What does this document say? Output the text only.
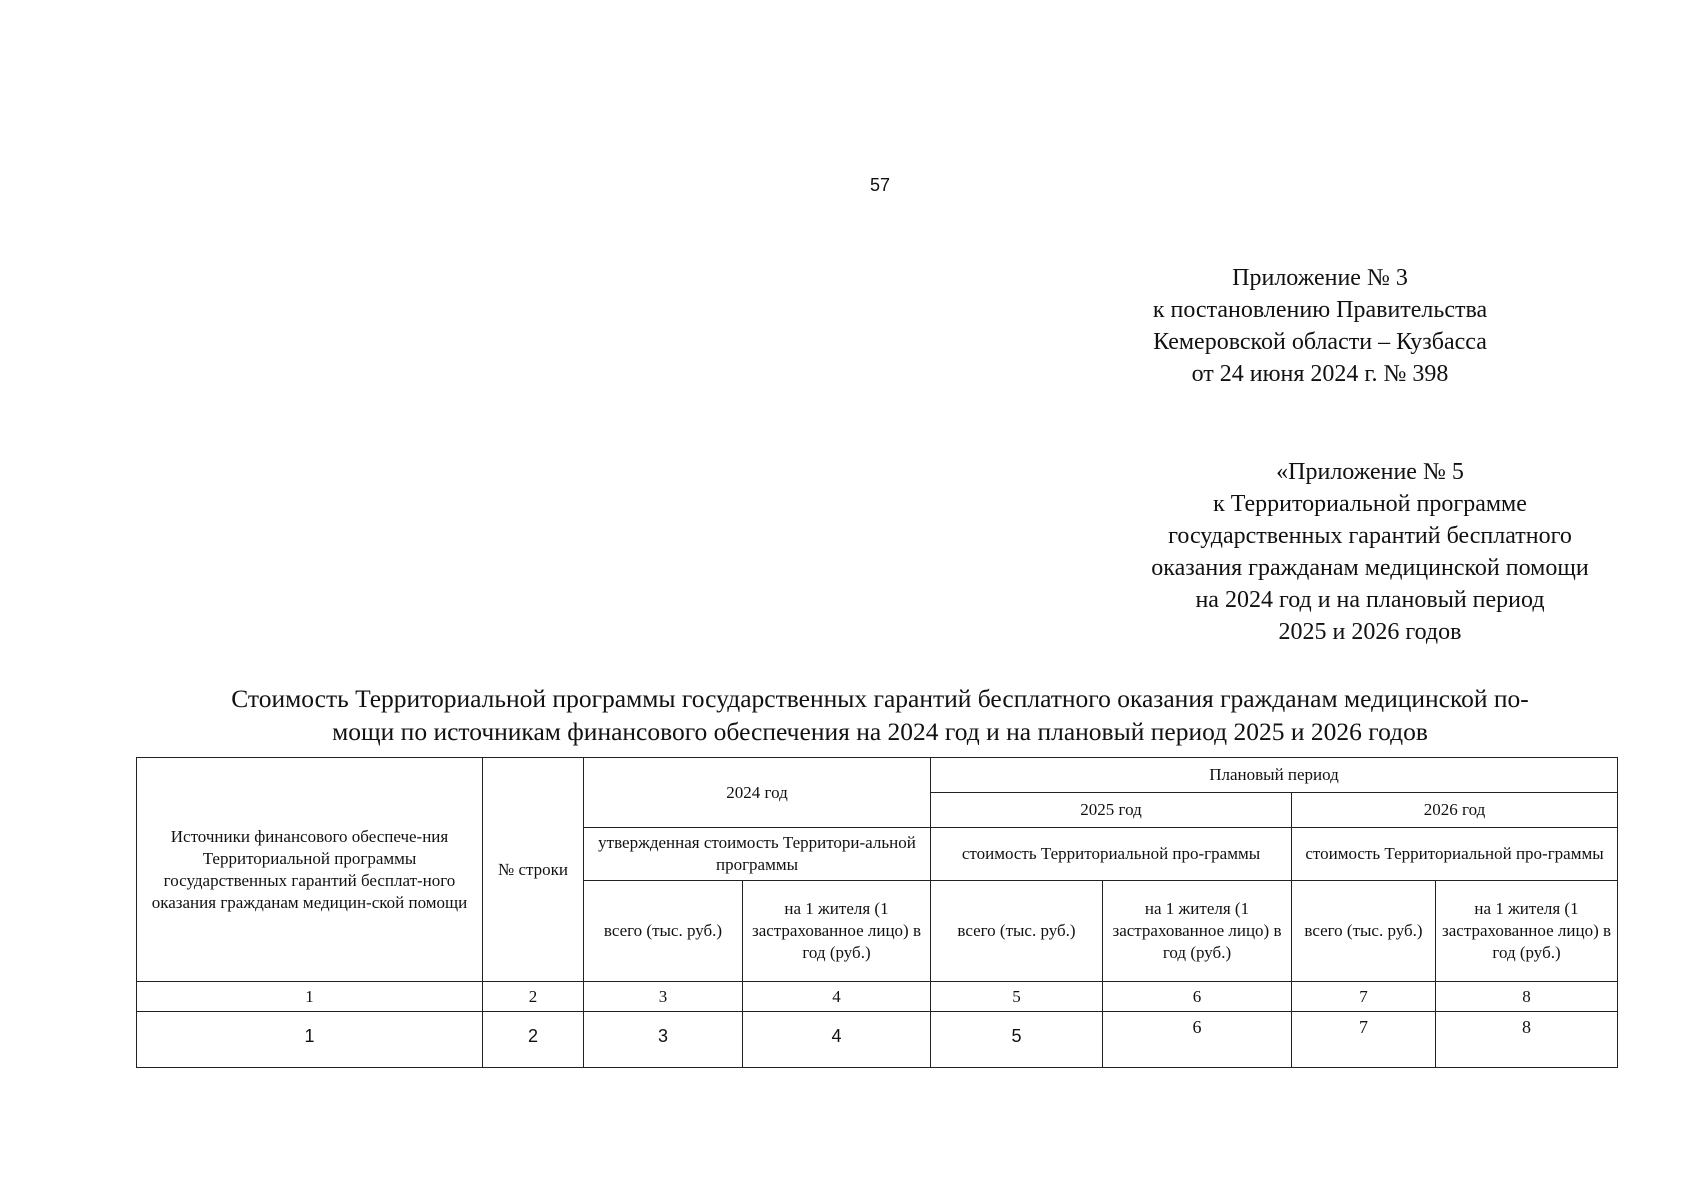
57
Приложение № 3
к постановлению Правительства
Кемеровской области – Кузбасса
от 24 июня 2024 г. № 398
«Приложение № 5
к Территориальной программе
государственных гарантий бесплатного
оказания гражданам медицинской помощи
на 2024 год и на плановый период
2025 и 2026 годов
Стоимость Территориальной программы государственных гарантий бесплатного оказания гражданам медицинской по-
мощи по источникам финансового обеспечения на 2024 год и на плановый период 2025 и 2026 годов
Источники финансового обеспече-ния Территориальной программы государственных гарантий бесплат-ного оказания гражданам медицин-ской помощи	№ строки	2024 год		Плановый период			
				2025 год		2026 год	
		утвержденная стоимость Территори-альной программы		стоимость Территориальной про-граммы		стоимость Территориальной про-граммы	
		всего (тыс. руб.)	на 1 жителя (1 застрахованное лицо) в год (руб.)	всего (тыс. руб.)	на 1 жителя (1 застрахованное лицо) в год (руб.)	всего (тыс. руб.)	на 1 жителя (1 застрахованное лицо) в год (руб.)
1	2	3	4	5	6	7	8
1	2	3	4	5	6	7	8
